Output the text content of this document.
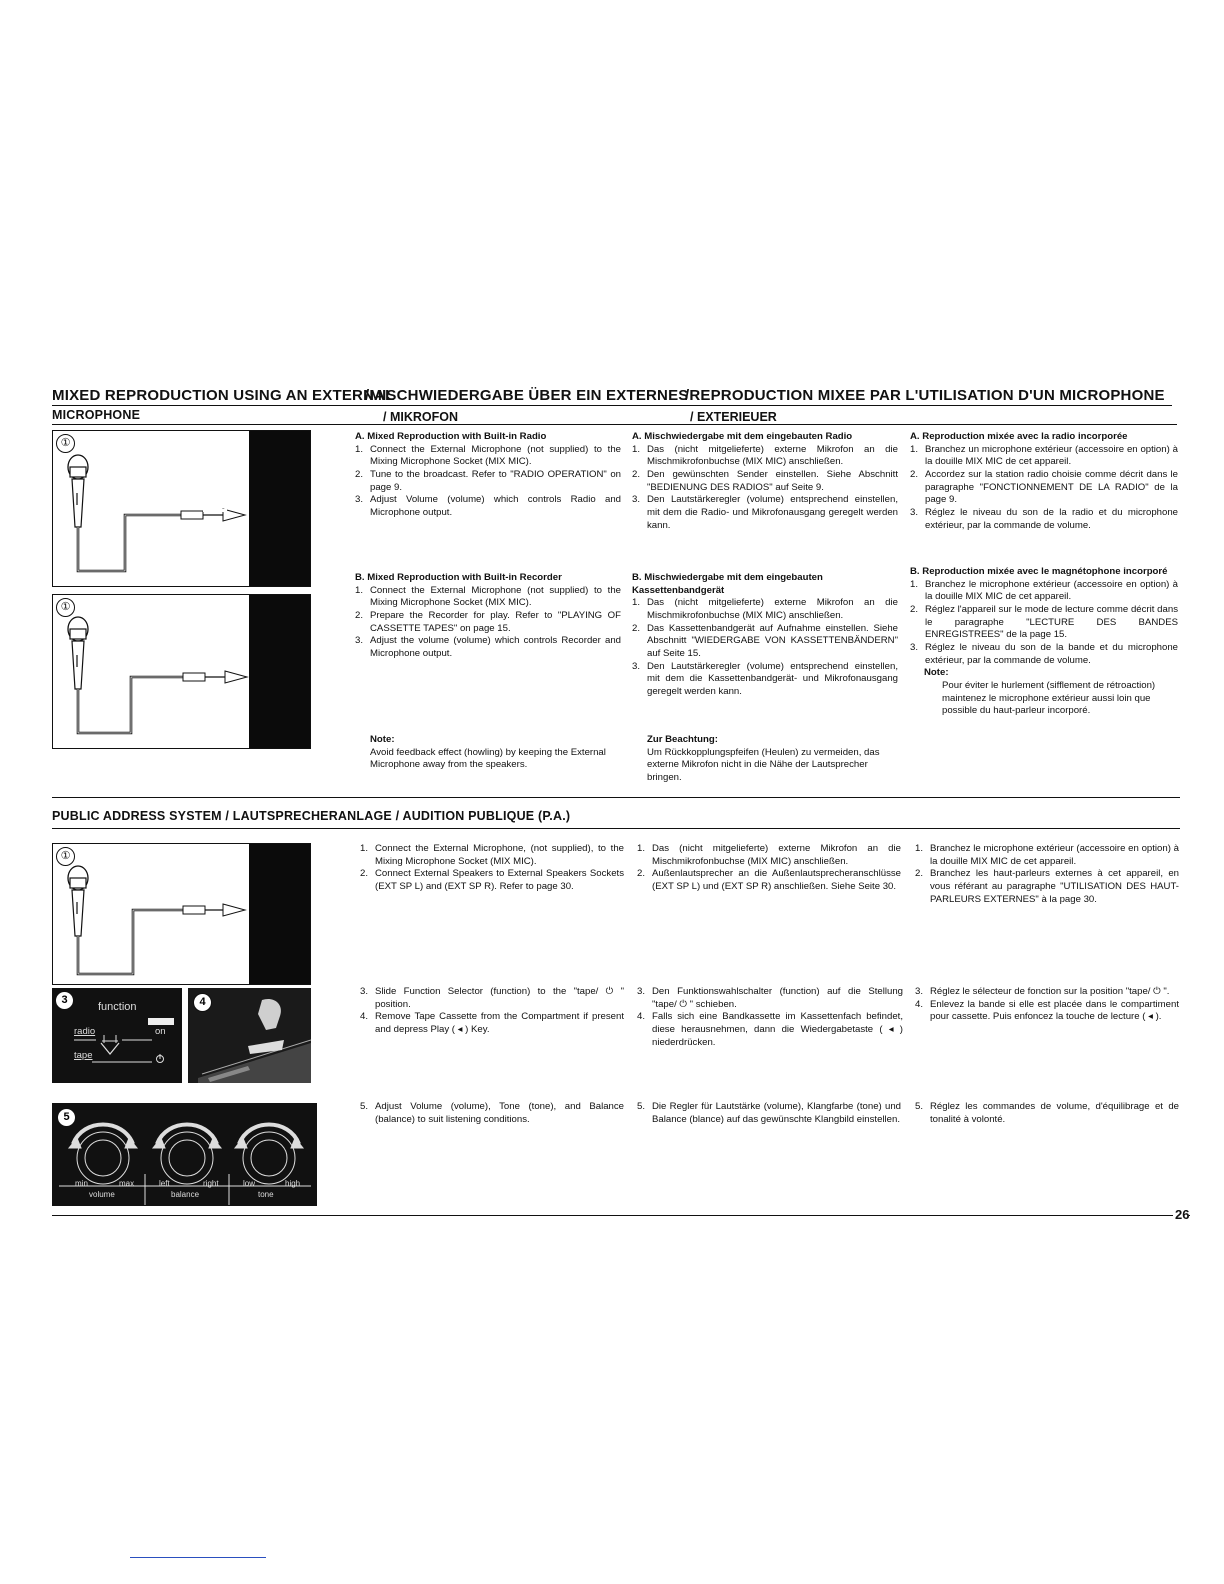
MIXED REPRODUCTION USING AN EXTERNAL
MICROPHONE
/MISCHWIEDERGABE ÜBER EIN EXTERNES
/ MIKROFON
/REPRODUCTION MIXEE PAR L'UTILISATION D'UN MICROPHONE
/ EXTERIEUER
①
①

A. Mixed Reproduction with Built-in Radio

1. Connect the External Microphone (not supplied) to the Mixing Microphone Socket (MIX MIC).
2. Tune to the broadcast. Refer to "RADIO OPERATION" on page 9.
3. Adjust Volume (volume) which controls Radio and Microphone output.

B. Mixed Reproduction with Built-in Recorder

1. Connect the External Microphone (not supplied) to the Mixing Microphone Socket (MIX MIC).
2. Prepare the Recorder for play. Refer to "PLAYING OF CASSETTE TAPES" on page 15.
3. Adjust the volume (volume) which controls Recorder and Microphone output.

Note:

Avoid feedback effect (howling) by keeping the External Microphone away from the speakers.

A. Mischwiedergabe mit dem eingebauten Radio

1. Das (nicht mitgelieferte) externe Mikrofon an die Mischmikrofonbuchse (MIX MIC) anschließen.
2. Den gewünschten Sender einstellen. Siehe Abschnitt "BEDIENUNG DES RADIOS" auf Seite 9.
3. Den Lautstärkeregler (volume) entsprechend einstellen, mit dem die Radio- und Mikrofonausgang geregelt werden kann.

B. Mischwiedergabe mit dem eingebauten Kassettenbandgerät

1. Das (nicht mitgelieferte) externe Mikrofon an die Mischmikrofonbuchse (MIX MIC) anschließen.
2. Das Kassettenbandgerät auf Aufnahme einstellen. Siehe Abschnitt "WIEDERGABE VON KASSETTENBÄNDERN" auf Seite 15.
3. Den Lautstärkeregler (volume) entsprechend einstellen, mit dem die Kassettenbandgerät- und Mikrofonausgang geregelt werden kann.

Zur Beachtung:

Um Rückkopplungspfeifen (Heulen) zu vermeiden, das externe Mikrofon nicht in die Nähe der Lautsprecher bringen.

A. Reproduction mixée avec la radio incorporée

1. Branchez un microphone extérieur (accessoire en option) à la douille MIX MIC de cet appareil.
2. Accordez sur la station radio choisie comme décrit dans le paragraphe "FONCTIONNEMENT DE LA RADIO" de la page 9.
3. Réglez le niveau du son de la radio et du microphone extérieur, par la commande de volume.

B. Reproduction mixée avec le magnétophone incorporé

1. Branchez le microphone extérieur (accessoire en option) à la douille MIX MIC de cet appareil.
2. Réglez l'appareil sur le mode de lecture comme décrit dans le paragraphe "LECTURE DES BANDES ENREGISTREES" de la page 15.
3. Réglez le niveau du son de la bande et du microphone extérieur, par la commande de volume.

Note:

Pour éviter le hurlement (sifflement de rétroaction) maintenez le microphone extérieur aussi loin que possible du haut-parleur incorporé.

PUBLIC ADDRESS SYSTEM / LAUTSPRECHERANLAGE / AUDITION PUBLIQUE (P.A.)
①
3
function
radio	on
tape
4
5
min	max
volume
left	right
balance
low	high
tone
1. Connect the External Microphone, (not supplied), to the Mixing Microphone Socket (MIX MIC).
2. Connect External Speakers to External Speakers Sockets (EXT SP L) and (EXT SP R). Refer to page 30.
3. Slide Function Selector (function) to the "tape/ ⏻ " position.
4. Remove Tape Cassette from the Compartment if present and depress Play ( ◂ ) Key.
5. Adjust Volume (volume), Tone (tone), and Balance (balance) to suit listening conditions.
1. Das (nicht mitgelieferte) externe Mikrofon an die Mischmikrofonbuchse (MIX MIC) anschließen.
2. Außenlautsprecher an die Außenlautsprecheranschlüsse (EXT SP L) und (EXT SP R) anschließen. Siehe Seite 30.
3. Den Funktionswahlschalter (function) auf die Stellung "tape/ ⏻ " schieben.
4. Falls sich eine Bandkassette im Kassettenfach befindet, diese herausnehmen, dann die Wiedergabetaste ( ◂ ) niederdrücken.
5. Die Regler für Lautstärke (volume), Klangfarbe (tone) und Balance (blance) auf das gewünschte Klangbild einstellen.
1. Branchez le microphone extérieur (accessoire en option) à la douille MIX MIC de cet appareil.
2. Branchez les haut-parleurs externes à cet appareil, en vous référant au paragraphe "UTILISATION DES HAUT-PARLEURS EXTERNES" à la page 30.
3. Réglez le sélecteur de fonction sur la position "tape/ ⏻ ".
4. Enlevez la bande si elle est placée dans le compartiment pour cassette. Puis enfoncez la touche de lecture ( ◂ ).
5. Réglez les commandes de volume, d'équilibrage et de tonalité à volonté.
26
